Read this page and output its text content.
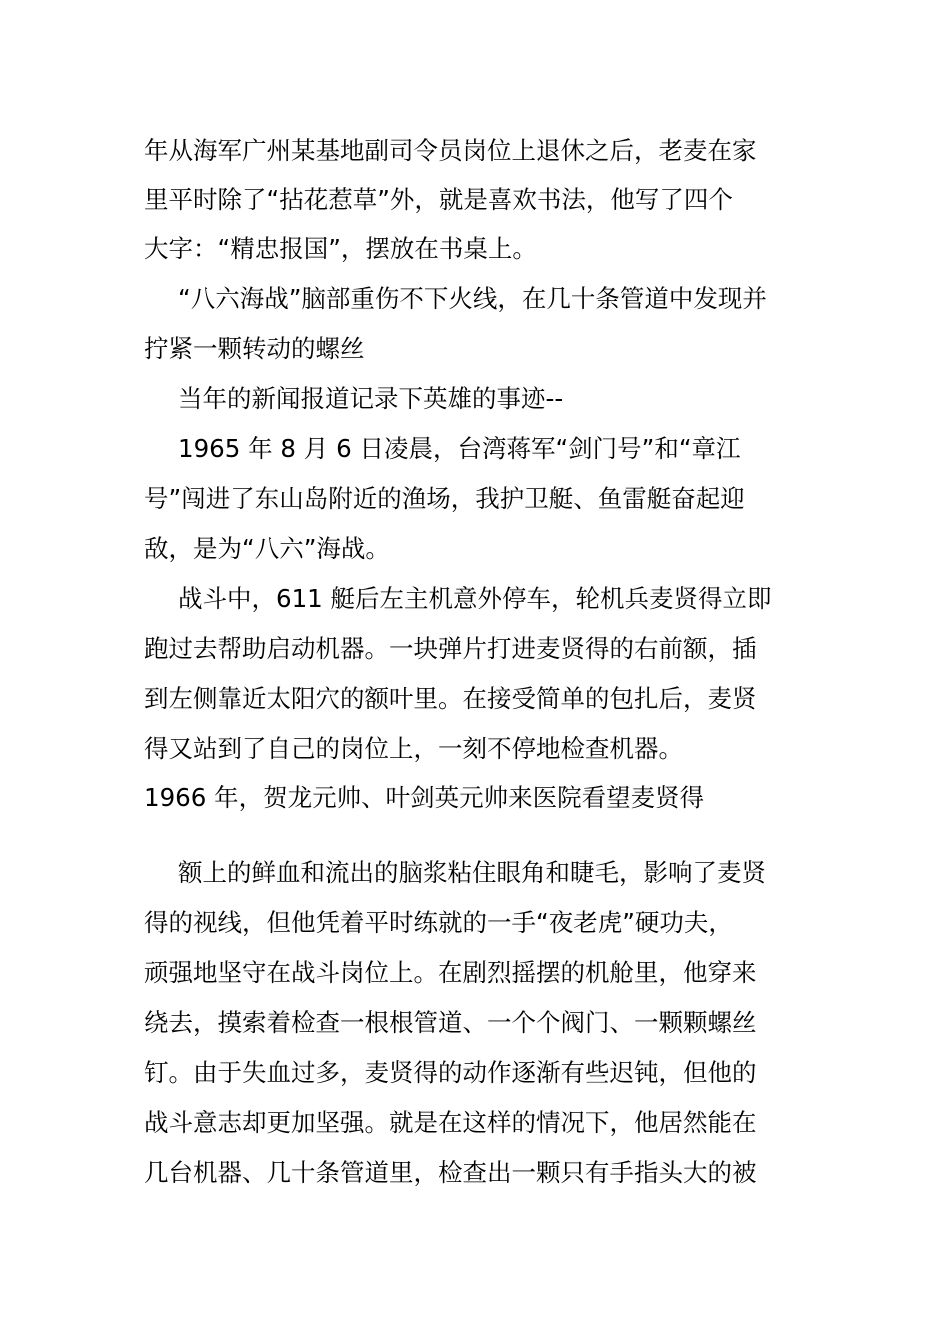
年从海军广州某基地副司令员岗位上退休之后，老麦在家
里平时除了“拈花惹草”外，就是喜欢书法，他写了四个
大字：“精忠报国”，摆放在书桌上。
“八六海战”脑部重伤不下火线，在几十条管道中发现并
拧紧一颗转动的螺丝
当年的新闻报道记录下英雄的事迹--
1965 年 8 月 6 日凌晨，台湾蒋军“剑门号”和“章江
号”闯进了东山岛附近的渔场，我护卫艇、鱼雷艇奋起迎
敌，是为“八六”海战。
战斗中，611 艇后左主机意外停车，轮机兵麦贤得立即
跑过去帮助启动机器。一块弹片打进麦贤得的右前额，插
到左侧靠近太阳穴的额叶里。在接受简单的包扎后，麦贤
得又站到了自己的岗位上，一刻不停地检查机器。
1966 年，贺龙元帅、叶剑英元帅来医院看望麦贤得
额上的鲜血和流出的脑浆粘住眼角和睫毛，影响了麦贤
得的视线，但他凭着平时练就的一手“夜老虎”硬功夫，
顽强地坚守在战斗岗位上。在剧烈摇摆的机舱里，他穿来
绕去，摸索着检查一根根管道、一个个阀门、一颗颗螺丝
钉。由于失血过多，麦贤得的动作逐渐有些迟钝，但他的
战斗意志却更加坚强。就是在这样的情况下，他居然能在
几台机器、几十条管道里，检查出一颗只有手指头大的被
